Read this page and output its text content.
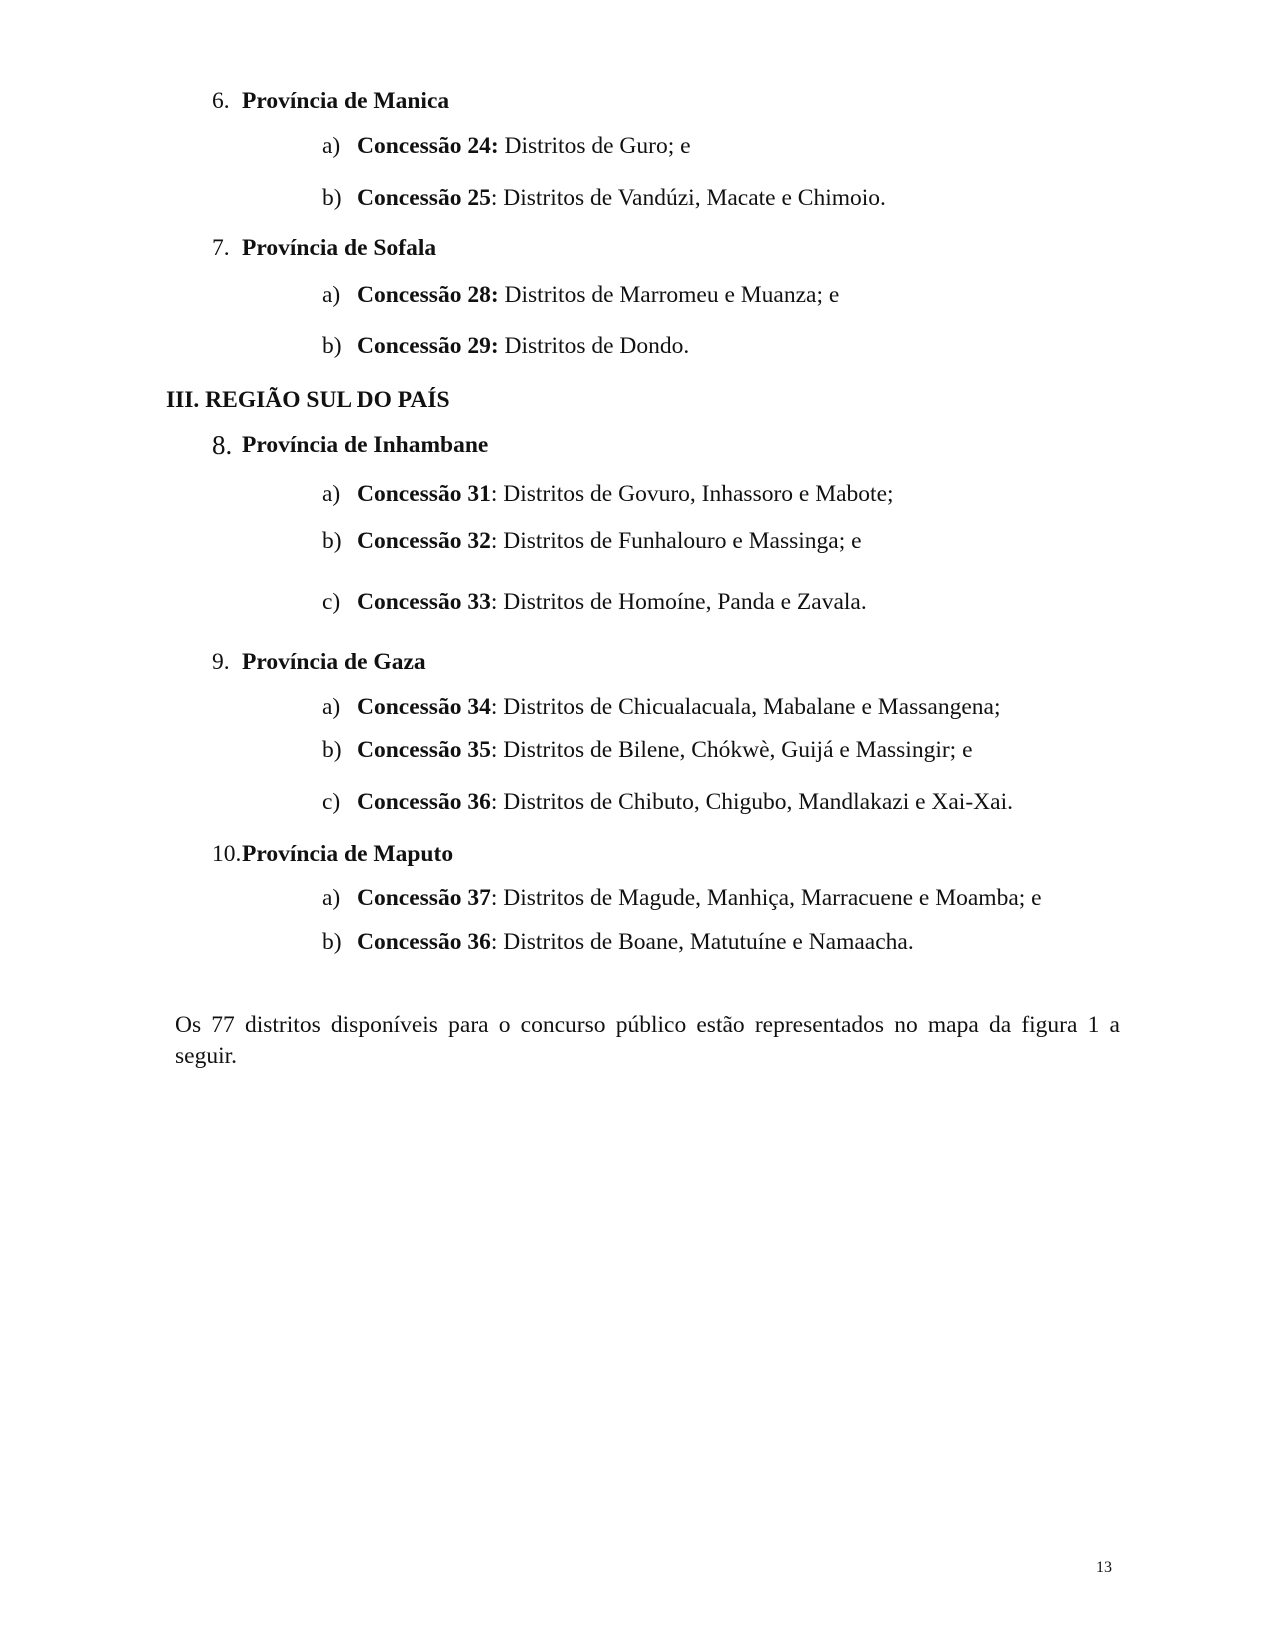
6. Província de Manica
a) Concessão 24: Distritos de Guro; e
b) Concessão 25: Distritos de Vandúzi, Macate e Chimoio.
7. Província de Sofala
a) Concessão 28: Distritos de Marromeu e Muanza; e
b) Concessão 29: Distritos de Dondo.
III. REGIÃO SUL DO PAÍS
8. Província de Inhambane
a) Concessão 31: Distritos de Govuro, Inhassoro e Mabote;
b) Concessão 32: Distritos de Funhalouro e Massinga; e
c) Concessão 33: Distritos de Homoíne, Panda e Zavala.
9. Província de Gaza
a) Concessão 34: Distritos de Chicualacuala, Mabalane e Massangena;
b) Concessão 35: Distritos de Bilene, Chókwè, Guijá e Massingir; e
c) Concessão 36: Distritos de Chibuto, Chigubo, Mandlakazi e Xai-Xai.
10. Província de Maputo
a) Concessão 37: Distritos de Magude, Manhiça, Marracuene e Moamba; e
b) Concessão 36: Distritos de Boane, Matutuíne e Namaacha.
Os 77 distritos disponíveis para o concurso público estão representados no mapa da figura 1 a
seguir.
13
